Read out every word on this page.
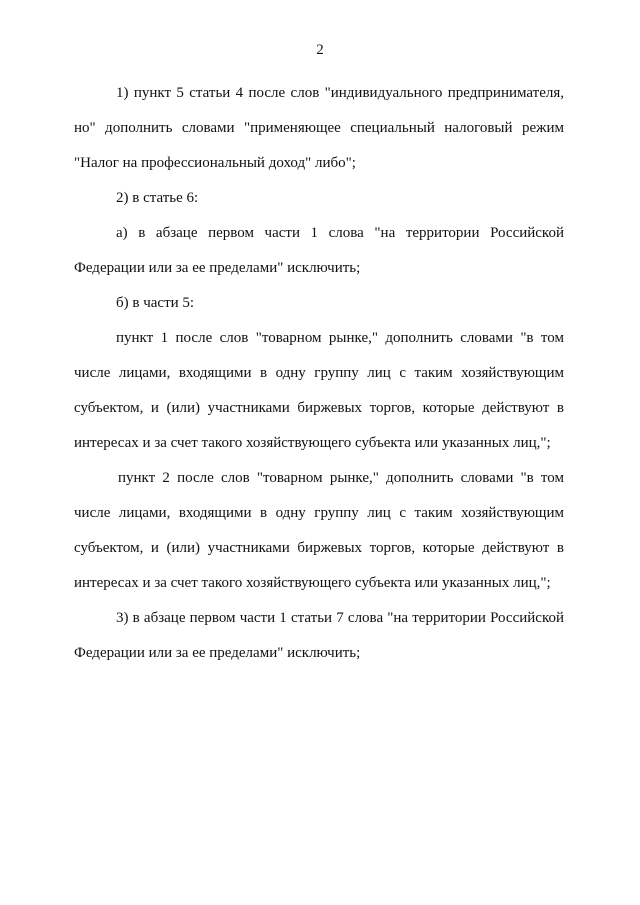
2

1) пункт 5 статьи 4 после слов "индивидуального предпринимателя, но" дополнить словами "применяющее специальный налоговый режим "Налог на профессиональный доход" либо";

2) в статье 6:

а) в абзаце первом части 1 слова "на территории Российской Федерации или за ее пределами" исключить;

б) в части 5:

пункт 1 после слов "товарном рынке," дополнить словами "в том числе лицами, входящими в одну группу лиц с таким хозяйствующим субъектом, и (или) участниками биржевых торгов, которые действуют в интересах и за счет такого хозяйствующего субъекта или указанных лиц,";

пункт 2 после слов "товарном рынке," дополнить словами "в том числе лицами, входящими в одну группу лиц с таким хозяйствующим субъектом, и (или) участниками биржевых торгов, которые действуют в интересах и за счет такого хозяйствующего субъекта или указанных лиц,";

3) в абзаце первом части 1 статьи 7 слова "на территории Российской Федерации или за ее пределами" исключить;
